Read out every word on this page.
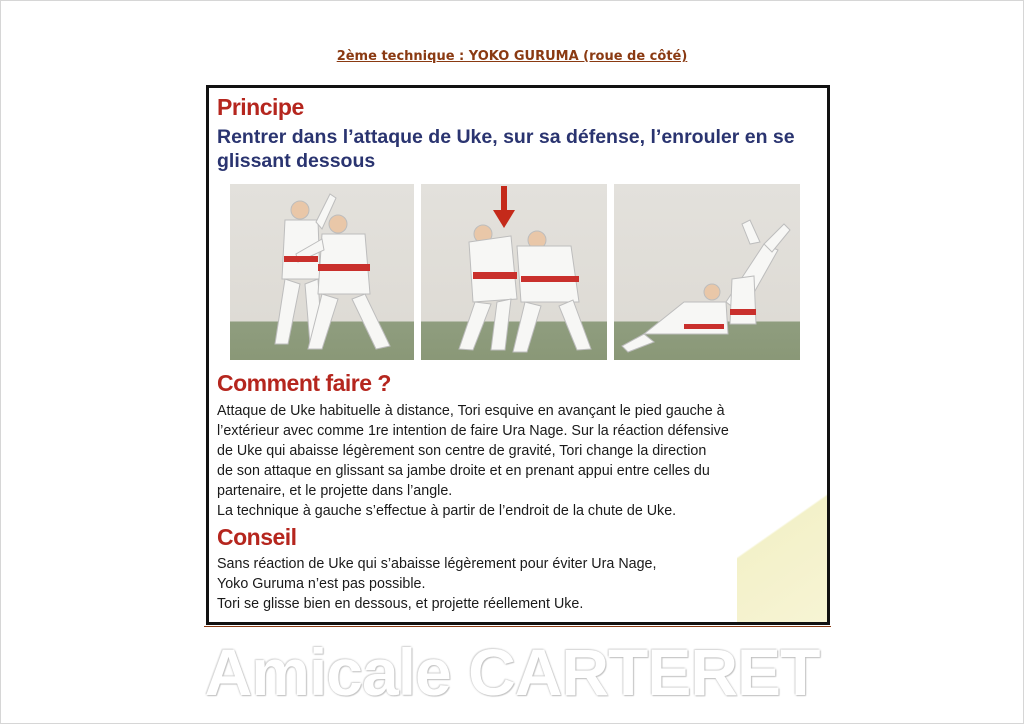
2ème technique : YOKO GURUMA (roue de côté)
Principe
Rentrer dans l’attaque de Uke, sur sa défense, l’enrouler en se glissant dessous
Comment faire ?
Attaque de Uke habituelle à distance, Tori esquive en avançant le pied gauche à
l’extérieur avec comme 1re intention de faire Ura Nage. Sur la réaction défensive
de Uke qui abaisse légèrement son centre de gravité, Tori change la direction
de son attaque en glissant sa jambe droite et en prenant appui entre celles du
partenaire, et le projette dans l’angle.
La technique à gauche s’effectue à partir de l’endroit de la chute de Uke.
Conseil
Sans réaction de Uke qui s’abaisse légèrement pour éviter Ura Nage,
Yoko Guruma n’est pas possible.
Tori se glisse bien en dessous, et projette réellement Uke.
Amicale CARTERET
